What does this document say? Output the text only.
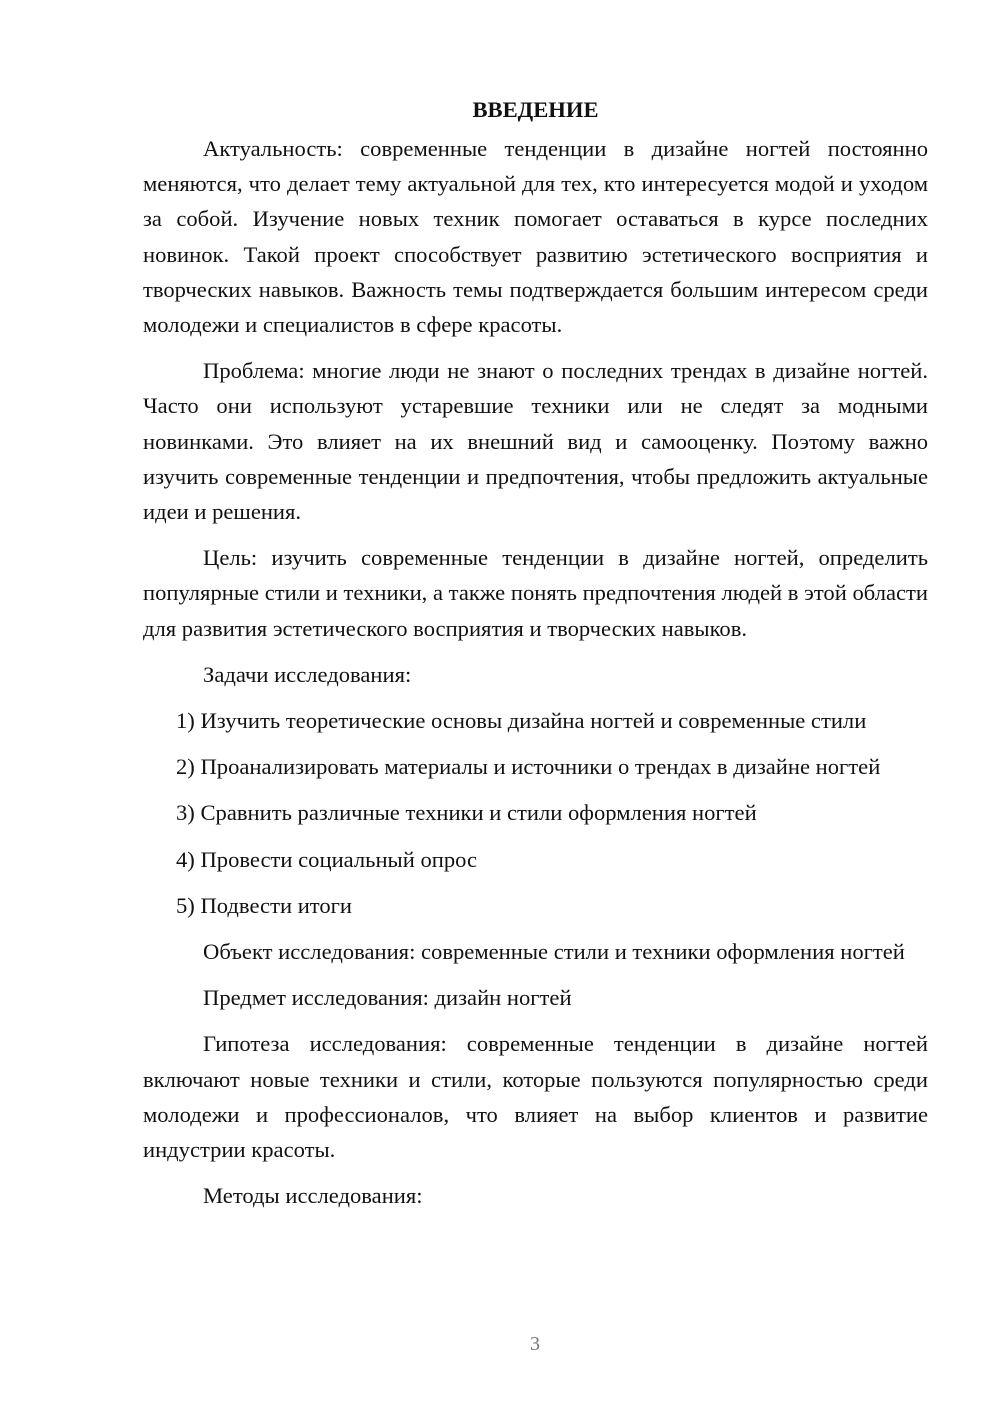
ВВЕДЕНИЕ

Актуальность: современные тенденции в дизайне ногтей постоянно меняются, что делает тему актуальной для тех, кто интересуется модой и уходом за собой. Изучение новых техник помогает оставаться в курсе последних новинок. Такой проект способствует развитию эстетического восприятия и творческих навыков. Важность темы подтверждается большим интересом среди молодежи и специалистов в сфере красоты.

Проблема: многие люди не знают о последних трендах в дизайне ногтей. Часто они используют устаревшие техники или не следят за модными новинками. Это влияет на их внешний вид и самооценку. Поэтому важно изучить современные тенденции и предпочтения, чтобы предложить актуальные идеи и решения.

Цель: изучить современные тенденции в дизайне ногтей, определить популярные стили и техники, а также понять предпочтения людей в этой области для развития эстетического восприятия и творческих навыков.

Задачи исследования:

1) Изучить теоретические основы дизайна ногтей и современные стили

2) Проанализировать материалы и источники о трендах в дизайне ногтей

3) Сравнить различные техники и стили оформления ногтей

4) Провести социальный опрос

5) Подвести итоги

Объект исследования: современные стили и техники оформления ногтей

Предмет исследования: дизайн ногтей

Гипотеза исследования: современные тенденции в дизайне ногтей включают новые техники и стили, которые пользуются популярностью среди молодежи и профессионалов, что влияет на выбор клиентов и развитие индустрии красоты.

Методы исследования:

3
